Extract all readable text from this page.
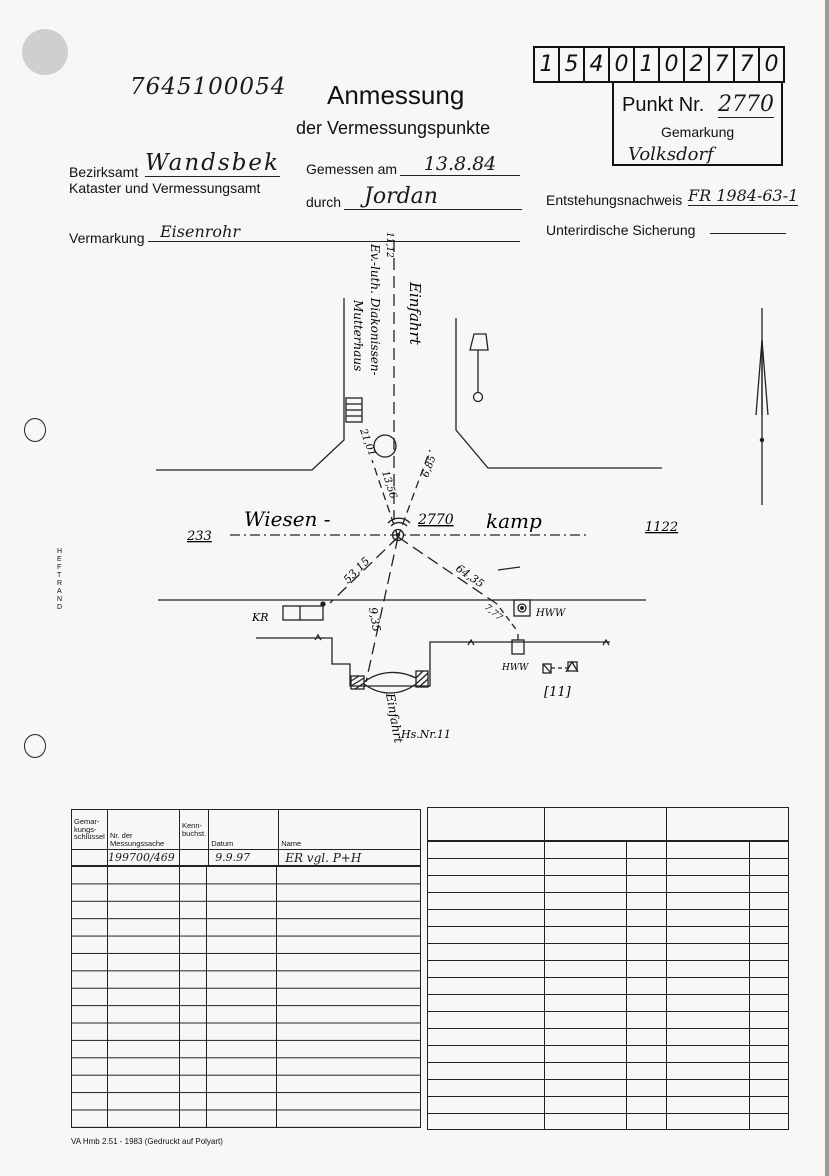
7645100054 Anmessung
der Vermessungspunkte
1 5 4 0 1 0 2 7 7 0
Punkt Nr. 2770
Gemarkung
Volksdorf
Bezirksamt Wandsbek
Kataster und Vermessungsamt
Gemessen am	13.8.84
durch	Jordan	Entstehungsnachweis FR 1984-63-1
Vermarkung Eisenrohr	Unterirdische Sicherung
HEFTRAND
Wiesen -	kamp
2770
233
1122
Einfahrt
Ev.-luth. Diakonissen-
Mutterhaus
11,12
21,01
13,56
6,85
53,15	64,35
9,35	7,77
KR	HWW
HWW
[11]
Einfahrt
Hs.Nr.11
Gemar-kungs-schlüssel	Nr. der Messungssache	Kenn-buchst.	Datum	Name
	199700/469		9.9.97	ER vgl. P+H
VA Hmb 2.51 - 1983 (Gedruckt auf Polyart)
